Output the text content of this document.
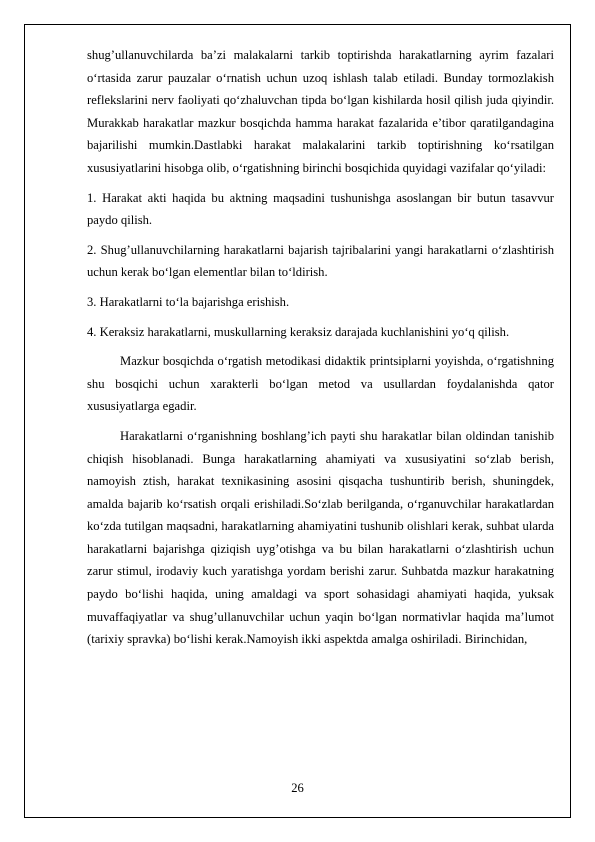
shug’ullanuvchilarda ba’zi malakalarni tarkib toptirishda harakatlarning ayrim fazalari o‘rtasida zarur pauzalar o‘rnatish uchun uzoq ishlash talab etiladi. Bunday tormozlakish reflekslarini nerv faoliyati qo‘zhaluvchan tipda bo‘lgan kishilarda hosil qilish juda qiyindir. Murakkab harakatlar mazkur bosqichda hamma harakat fazalarida e’tibor qaratilgandagina bajarilishi mumkin.Dastlabki harakat malakalarini tarkib toptirishning ko‘rsatilgan xususiyatlarini hisobga olib, o‘rgatishning birinchi bosqichida quyidagi vazifalar qo‘yiladi:

1. Harakat akti haqida bu aktning maqsadini tushunishga asoslangan bir butun tasavvur paydo qilish.

2. Shug’ullanuvchilarning harakatlarni bajarish tajribalarini yangi harakatlarni o‘zlashtirish uchun kerak bo‘lgan elementlar bilan to‘ldirish.

3. Harakatlarni to‘la bajarishga erishish.

4. Keraksiz harakatlarni, muskullarning keraksiz darajada kuchlanishini yo‘q qilish.

Mazkur bosqichda o‘rgatish metodikasi didaktik printsiplarni yoyishda, o‘rgatishning shu bosqichi uchun xarakterli bo‘lgan metod va usullardan foydalanishda qator xususiyatlarga egadir.

Harakatlarni o‘rganishning boshlang’ich payti shu harakatlar bilan oldindan tanishib chiqish hisoblanadi. Bunga harakatlarning ahamiyati va xususiyatini so‘zlab berish, namoyish ztish, harakat texnikasining asosini qisqacha tushuntirib berish, shuningdek, amalda bajarib ko‘rsatish orqali erishiladi.So‘zlab berilganda, o‘rganuvchilar harakatlardan ko‘zda tutilgan maqsadni, harakatlarning ahamiyatini tushunib olishlari kerak, suhbat ularda harakatlarni bajarishga qiziqish uyg’otishga va bu bilan harakatlarni o‘zlashtirish uchun zarur stimul, irodaviy kuch yaratishga yordam berishi zarur. Suhbatda mazkur harakatning paydo bo‘lishi haqida, uning amaldagi va sport sohasidagi ahamiyati haqida, yuksak muvaffaqiyatlar va shug’ullanuvchilar uchun yaqin bo‘lgan normativlar haqida ma’lumot (tarixiy spravka) bo‘lishi kerak.Namoyish ikki aspektda amalga oshiriladi. Birinchidan,

26
